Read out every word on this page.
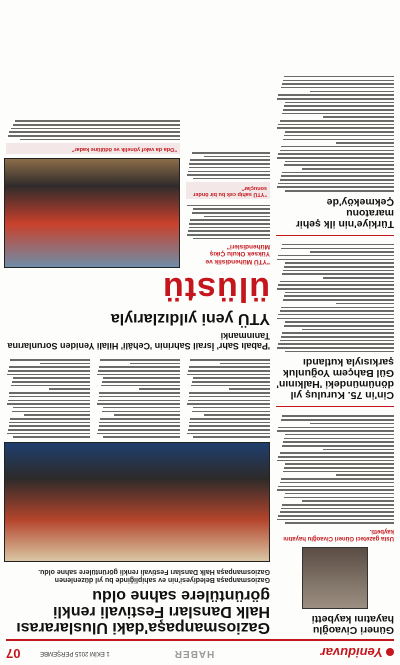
Yeniduvar
HABER
1 EKİM 2015 PERŞEMBE
07
Güneri Civaoğlu hayatını kaybetti
Usta gazeteci Güneri Civaoğlu hayatını kaybetti.
Cin'in 75. Kuruluş yıl dönümündeki 'Halkının' Gül Bahçem Yoğunluk şarkısıyla kutlandı
Türkiye'nin ilk şehir maratonu Çekmeköy'de
Gaziosmanpaşa'daki Uluslararası Halk Dansları Festivali renkli görüntülere sahne oldu
Gaziosmanpaşa Belediyesi'nin ev sahipliğinde bu yıl düzenlenen Gaziosmanpaşa Halk Dansları Festivali renkli görüntülere sahne oldu.
'Pabalı Sahr' İsrail Sahrinin 'Cehâli' Hilali Yeniden Sorunlarına Tanınmanki
YTÜ yeni yıldızlarıyla
ülüstü
"YTÜ Mühendislik ve Yüksek Okulu Çıkış Mühendisleri"
"YTÜ sahip cek bu bir önder sonuçlar"
"Oda da vakıf yönelik ve ödülüne kadar"
